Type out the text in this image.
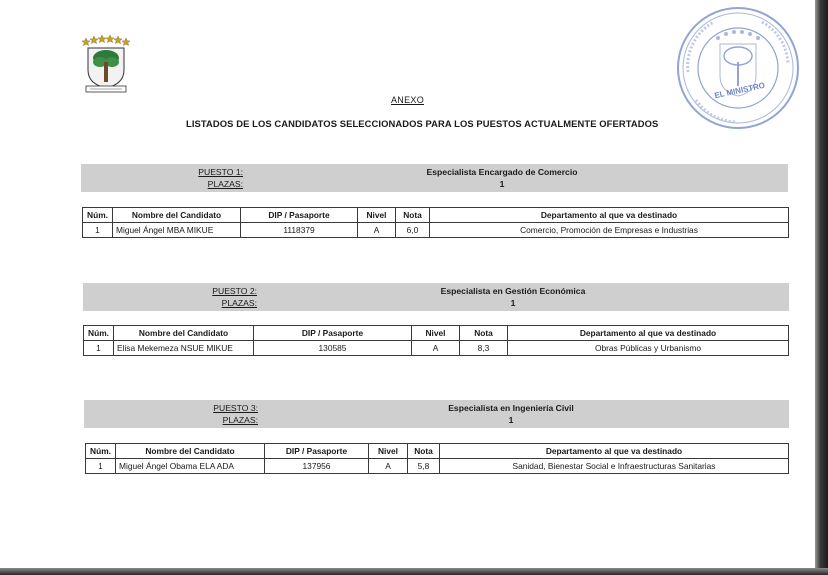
EL MINISTRO
ANEXO
LISTADOS DE LOS CANDIDATOS SELECCIONADOS PARA LOS PUESTOS ACTUALMENTE OFERTADOS
PUESTO 1:
PLAZAS:
Especialista Encargado de Comercio
1
Núm.	Nombre del Candidato	DIP / Pasaporte	Nivel	Nota	Departamento al que va destinado
1	Miguel Ángel MBA MIKUE	1118379	A	6,0	Comercio, Promoción de Empresas e Industrias
PUESTO 2:
PLAZAS:
Especialista en Gestión Económica
1
Núm.	Nombre del Candidato	DIP / Pasaporte	Nivel	Nota	Departamento al que va destinado
1	Elisa Mekemeza NSUE MIKUE	130585	A	8,3	Obras Públicas y Urbanismo
PUESTO 3:
PLAZAS:
Especialista en Ingeniería Civil
1
Núm.	Nombre del Candidato	DIP / Pasaporte	Nivel	Nota	Departamento al que va destinado
1	Miguel Ángel Obama ELA ADA	137956	A	5,8	Sanidad, Bienestar Social e Infraestructuras Sanitarias
